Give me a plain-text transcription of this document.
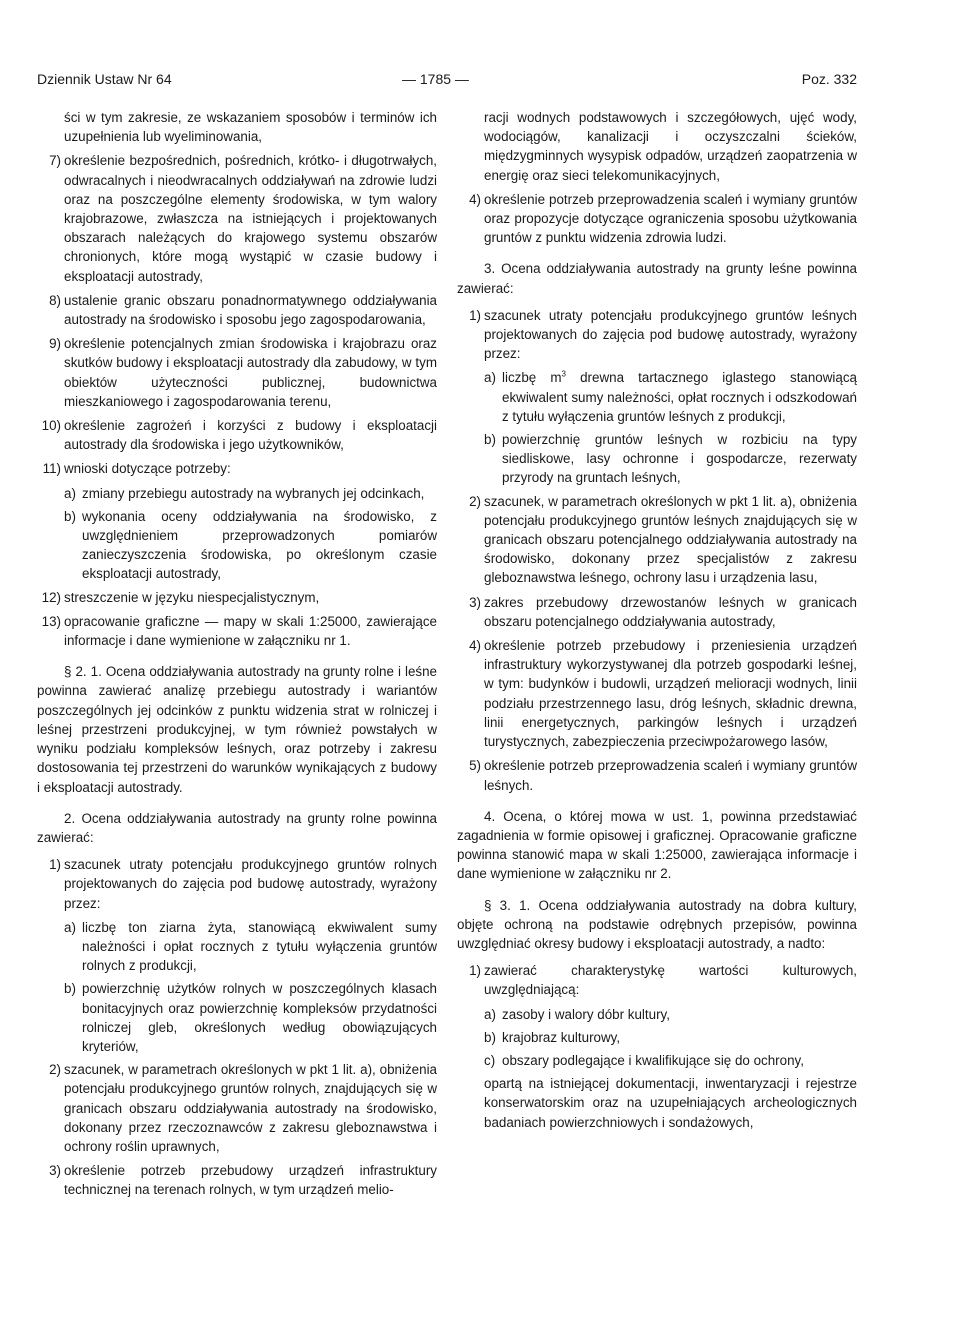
Dziennik Ustaw Nr 64	— 1785 —	Poz. 332
ści w tym zakresie, ze wskazaniem sposobów i terminów ich uzupełnienia lub wyeliminowania,
7) określenie bezpośrednich, pośrednich, krótko- i długotrwałych, odwracalnych i nieodwracalnych oddziaływań na zdrowie ludzi oraz na poszczególne elementy środowiska, w tym walory krajobrazowe, zwłaszcza na istniejących i projektowanych obszarach należących do krajowego systemu obszarów chronionych, które mogą wystąpić w czasie budowy i eksploatacji autostrady,
8) ustalenie granic obszaru ponadnormatywnego oddziaływania autostrady na środowisko i sposobu jego zagospodarowania,
9) określenie potencjalnych zmian środowiska i krajobrazu oraz skutków budowy i eksploatacji autostrady dla zabudowy, w tym obiektów użyteczności publicznej, budownictwa mieszkaniowego i zagospodarowania terenu,
10) określenie zagrożeń i korzyści z budowy i eksploatacji autostrady dla środowiska i jego użytkowników,
11) wnioski dotyczące potrzeby:
a) zmiany przebiegu autostrady na wybranych jej odcinkach,
b) wykonania oceny oddziaływania na środowisko, z uwzględnieniem przeprowadzonych pomiarów zanieczyszczenia środowiska, po określonym czasie eksploatacji autostrady,
12) streszczenie w języku niespecjalistycznym,
13) opracowanie graficzne — mapy w skali 1:25000, zawierające informacje i dane wymienione w załączniku nr 1.
§ 2. 1. Ocena oddziaływania autostrady na grunty rolne i leśne powinna zawierać analizę przebiegu autostrady i wariantów poszczególnych jej odcinków z punktu widzenia strat w rolniczej i leśnej przestrzeni produkcyjnej, w tym również powstałych w wyniku podziału kompleksów leśnych, oraz potrzeby i zakresu dostosowania tej przestrzeni do warunków wynikających z budowy i eksploatacji autostrady.
2. Ocena oddziaływania autostrady na grunty rolne powinna zawierać:
1) szacunek utraty potencjału produkcyjnego gruntów rolnych projektowanych do zajęcia pod budowę autostrady, wyrażony przez:
a) liczbę ton ziarna żyta, stanowiącą ekwiwalent sumy należności i opłat rocznych z tytułu wyłączenia gruntów rolnych z produkcji,
b) powierzchnię użytków rolnych w poszczególnych klasach bonitacyjnych oraz powierzchnię kompleksów przydatności rolniczej gleb, określonych według obowiązujących kryteriów,
2) szacunek, w parametrach określonych w pkt 1 lit. a), obniżenia potencjału produkcyjnego gruntów rolnych, znajdujących się w granicach obszaru oddziaływania autostrady na środowisko, dokonany przez rzeczoznawców z zakresu gleboznawstwa i ochrony roślin uprawnych,
3) określenie potrzeb przebudowy urządzeń infrastruktury technicznej na terenach rolnych, w tym urządzeń melio-
racji wodnych podstawowych i szczegółowych, ujęć wody, wodociągów, kanalizacji i oczyszczalni ścieków, międzygminnych wysypisk odpadów, urządzeń zaopatrzenia w energię oraz sieci telekomunikacyjnych,
4) określenie potrzeb przeprowadzenia scaleń i wymiany gruntów oraz propozycje dotyczące ograniczenia sposobu użytkowania gruntów z punktu widzenia zdrowia ludzi.
3. Ocena oddziaływania autostrady na grunty leśne powinna zawierać:
1) szacunek utraty potencjału produkcyjnego gruntów leśnych projektowanych do zajęcia pod budowę autostrady, wyrażony przez:
a) liczbę $m^3$ drewna tartacznego iglastego stanowiącą ekwiwalent sumy należności, opłat rocznych i odszkodowań z tytułu wyłączenia gruntów leśnych z produkcji,
b) powierzchnię gruntów leśnych w rozbiciu na typy siedliskowe, lasy ochronne i gospodarcze, rezerwaty przyrody na gruntach leśnych,
2) szacunek, w parametrach określonych w pkt 1 lit. a), obniżenia potencjału produkcyjnego gruntów leśnych znajdujących się w granicach obszaru potencjalnego oddziaływania autostrady na środowisko, dokonany przez specjalistów z zakresu gleboznawstwa leśnego, ochrony lasu i urządzenia lasu,
3) zakres przebudowy drzewostanów leśnych w granicach obszaru potencjalnego oddziaływania autostrady,
4) określenie potrzeb przebudowy i przeniesienia urządzeń infrastruktury wykorzystywanej dla potrzeb gospodarki leśnej, w tym: budynków i budowli, urządzeń melioracji wodnych, linii podziału przestrzennego lasu, dróg leśnych, składnic drewna, linii energetycznych, parkingów leśnych i urządzeń turystycznych, zabezpieczenia przeciwpożarowego lasów,
5) określenie potrzeb przeprowadzenia scaleń i wymiany gruntów leśnych.
4. Ocena, o której mowa w ust. 1, powinna przedstawiać zagadnienia w formie opisowej i graficznej. Opracowanie graficzne powinna stanowić mapa w skali 1:25000, zawierająca informacje i dane wymienione w załączniku nr 2.
§ 3. 1. Ocena oddziaływania autostrady na dobra kultury, objęte ochroną na podstawie odrębnych przepisów, powinna uwzględniać okresy budowy i eksploatacji autostrady, a nadto:
1) zawierać charakterystykę wartości kulturowych, uwzględniającą:
a) zasoby i walory dóbr kultury,
b) krajobraz kulturowy,
c) obszary podlegające i kwalifikujące się do ochrony,
opartą na istniejącej dokumentacji, inwentaryzacji i rejestrze konserwatorskim oraz na uzupełniających archeologicznych badaniach powierzchniowych i sondażowych,
